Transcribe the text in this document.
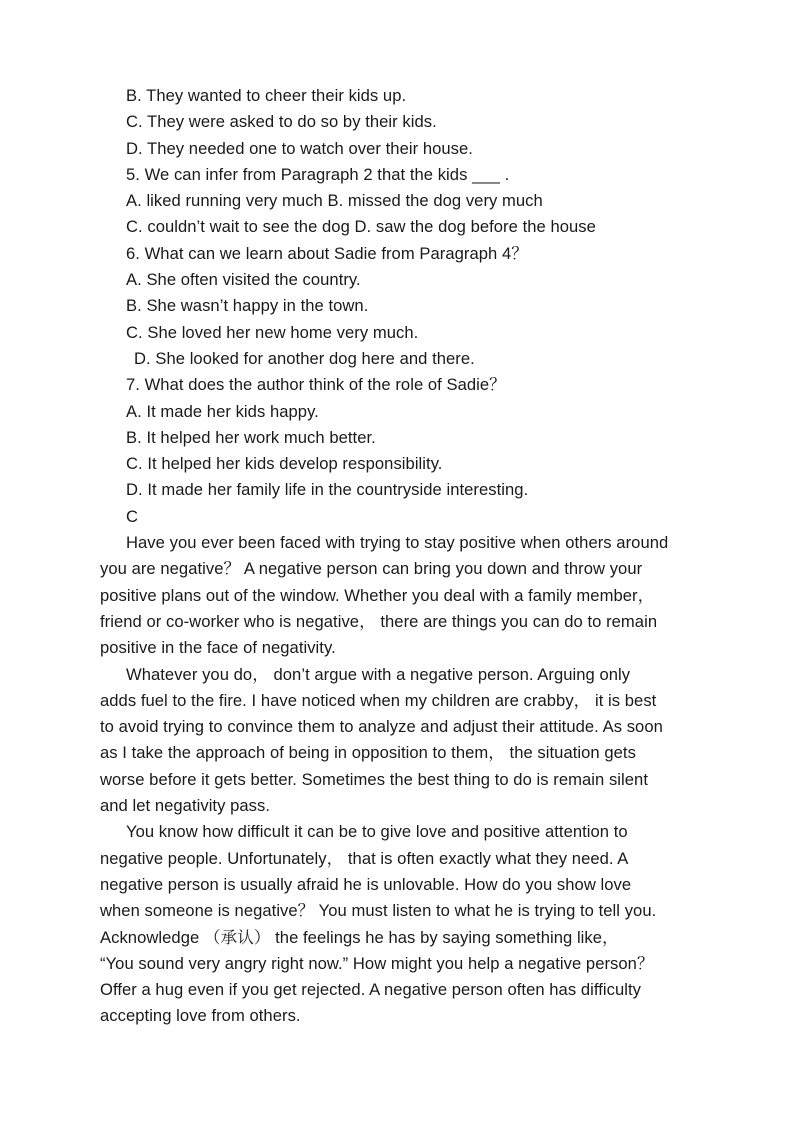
B. They wanted to cheer their kids up.
C. They were asked to do so by their kids.
D. They needed one to watch over their house.
5. We can infer from Paragraph 2 that the kids ___ .
A. liked running very much B. missed the dog very much
C. couldn’t wait to see the dog D. saw the dog before the house
6. What can we learn about Sadie from Paragraph 4？
A. She often visited the country.
B. She wasn’t happy in the town.
C. She loved her new home very much.
D. She looked for another dog here and there.
7. What does the author think of the role of Sadie？
A. It made her kids happy.
B. It helped her work much better.
C. It helped her kids develop responsibility.
D. It made her family life in the countryside interesting.
C
Have you ever been faced with trying to stay positive when others around
you are negative？ A negative person can bring you down and throw your
positive plans out of the window. Whether you deal with a family member，
friend or co-worker who is negative， there are things you can do to remain
positive in the face of negativity.
Whatever you do， don’t argue with a negative person. Arguing only
adds fuel to the fire. I have noticed when my children are crabby， it is best
to avoid trying to convince them to analyze and adjust their attitude. As soon
as I take the approach of being in opposition to them， the situation gets
worse before it gets better. Sometimes the best thing to do is remain silent
and let negativity pass.
You know how difficult it can be to give love and positive attention to
negative people. Unfortunately， that is often exactly what they need. A
negative person is usually afraid he is unlovable. How do you show love
when someone is negative？ You must listen to what he is trying to tell you.
Acknowledge （承认） the feelings he has by saying something like，
“You sound very angry right now.” How might you help a negative person？
Offer a hug even if you get rejected. A negative person often has difficulty
accepting love from others.
